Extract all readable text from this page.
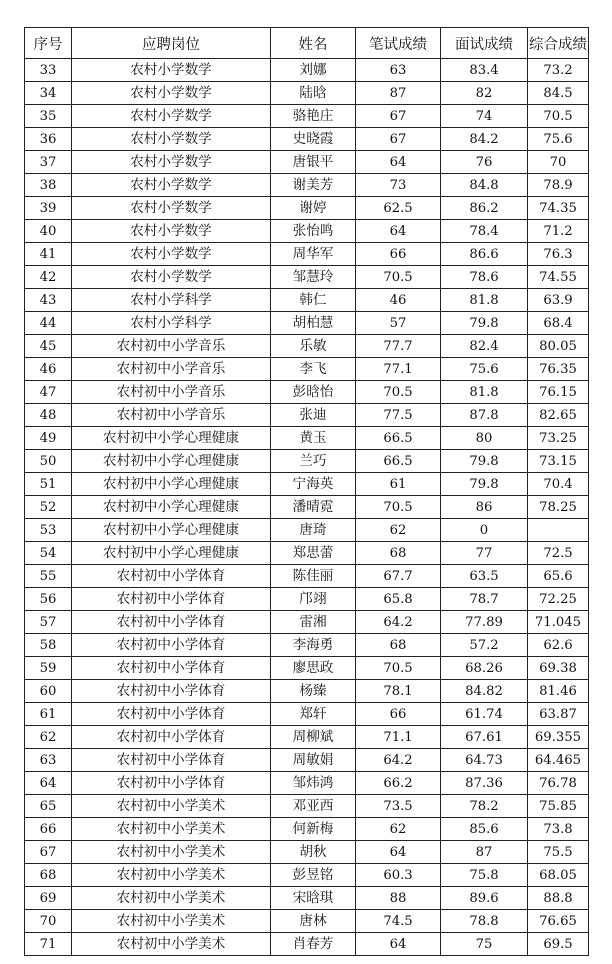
序号	应聘岗位	姓名	笔试成绩	面试成绩	综合成绩
33	农村小学数学	刘娜	63	83.4	73.2
34	农村小学数学	陆晗	87	82	84.5
35	农村小学数学	骆艳庄	67	74	70.5
36	农村小学数学	史晓霞	67	84.2	75.6
37	农村小学数学	唐银平	64	76	70
38	农村小学数学	谢美芳	73	84.8	78.9
39	农村小学数学	谢婷	62.5	86.2	74.35
40	农村小学数学	张怡鸣	64	78.4	71.2
41	农村小学数学	周华军	66	86.6	76.3
42	农村小学数学	邹慧玲	70.5	78.6	74.55
43	农村小学科学	韩仁	46	81.8	63.9
44	农村小学科学	胡柏慧	57	79.8	68.4
45	农村初中小学音乐	乐敏	77.7	82.4	80.05
46	农村初中小学音乐	李飞	77.1	75.6	76.35
47	农村初中小学音乐	彭晗怡	70.5	81.8	76.15
48	农村初中小学音乐	张迪	77.5	87.8	82.65
49	农村初中小学心理健康	黄玉	66.5	80	73.25
50	农村初中小学心理健康	兰巧	66.5	79.8	73.15
51	农村初中小学心理健康	宁海英	61	79.8	70.4
52	农村初中小学心理健康	潘晴霓	70.5	86	78.25
53	农村初中小学心理健康	唐琦	62	0	
54	农村初中小学心理健康	郑思蕾	68	77	72.5
55	农村初中小学体育	陈佳丽	67.7	63.5	65.6
56	农村初中小学体育	邝翊	65.8	78.7	72.25
57	农村初中小学体育	雷湘	64.2	77.89	71.045
58	农村初中小学体育	李海勇	68	57.2	62.6
59	农村初中小学体育	廖思政	70.5	68.26	69.38
60	农村初中小学体育	杨臻	78.1	84.82	81.46
61	农村初中小学体育	郑轩	66	61.74	63.87
62	农村初中小学体育	周柳斌	71.1	67.61	69.355
63	农村初中小学体育	周敏娟	64.2	64.73	64.465
64	农村初中小学体育	邹炜鸿	66.2	87.36	76.78
65	农村初中小学美术	邓亚西	73.5	78.2	75.85
66	农村初中小学美术	何新梅	62	85.6	73.8
67	农村初中小学美术	胡秋	64	87	75.5
68	农村初中小学美术	彭昱铭	60.3	75.8	68.05
69	农村初中小学美术	宋晗琪	88	89.6	88.8
70	农村初中小学美术	唐林	74.5	78.8	76.65
71	农村初中小学美术	肖春芳	64	75	69.5
